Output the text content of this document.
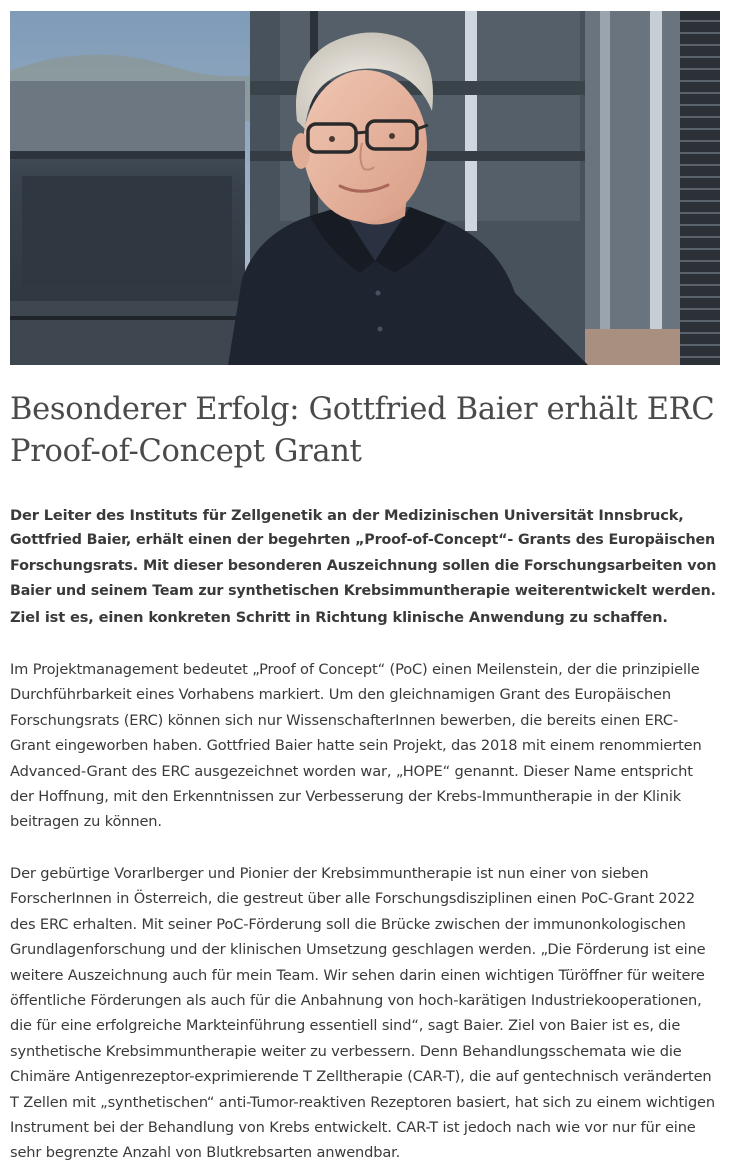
Besonderer Erfolg: Gottfried Baier erhält ERC
Proof-of-Concept Grant

Der Leiter des Instituts für Zellgenetik an der Medizinischen Universität Innsbruck,
Gottfried Baier, erhält einen der begehrten „Proof-of-Concept“- Grants des Europäischen
Forschungsrats. Mit dieser besonderen Auszeichnung sollen die Forschungsarbeiten von
Baier und seinem Team zur synthetischen Krebsimmuntherapie weiterentwickelt werden.
Ziel ist es, einen konkreten Schritt in Richtung klinische Anwendung zu schaffen.

Im Projektmanagement bedeutet „Proof of Concept“ (PoC) einen Meilenstein, der die prinzipielle
Durchführbarkeit eines Vorhabens markiert. Um den gleichnamigen Grant des Europäischen
Forschungsrats (ERC) können sich nur WissenschafterInnen bewerben, die bereits einen ERC-
Grant eingeworben haben. Gottfried Baier hatte sein Projekt, das 2018 mit einem renommierten
Advanced-Grant des ERC ausgezeichnet worden war, „HOPE“ genannt. Dieser Name entspricht
der Hoffnung, mit den Erkenntnissen zur Verbesserung der Krebs-Immuntherapie in der Klinik
beitragen zu können.

Der gebürtige Vorarlberger und Pionier der Krebsimmuntherapie ist nun einer von sieben
ForscherInnen in Österreich, die gestreut über alle Forschungsdisziplinen einen PoC-Grant 2022
des ERC erhalten. Mit seiner PoC-Förderung soll die Brücke zwischen der immunonkologischen
Grundlagenforschung und der klinischen Umsetzung geschlagen werden. „Die Förderung ist eine
weitere Auszeichnung auch für mein Team. Wir sehen darin einen wichtigen Türöffner für weitere
öffentliche Förderungen als auch für die Anbahnung von hoch-karätigen Industriekooperationen,
die für eine erfolgreiche Markteinführung essentiell sind“, sagt Baier. Ziel von Baier ist es, die
synthetische Krebsimmuntherapie weiter zu verbessern. Denn Behandlungsschemata wie die
Chimäre Antigenrezeptor-exprimierende T Zelltherapie (CAR-T), die auf gentechnisch veränderten
T Zellen mit „synthetischen“ anti-Tumor-reaktiven Rezeptoren basiert, hat sich zu einem wichtigen
Instrument bei der Behandlung von Krebs entwickelt. CAR-T ist jedoch nach wie vor nur für eine
sehr begrenzte Anzahl von Blutkrebsarten anwendbar.
